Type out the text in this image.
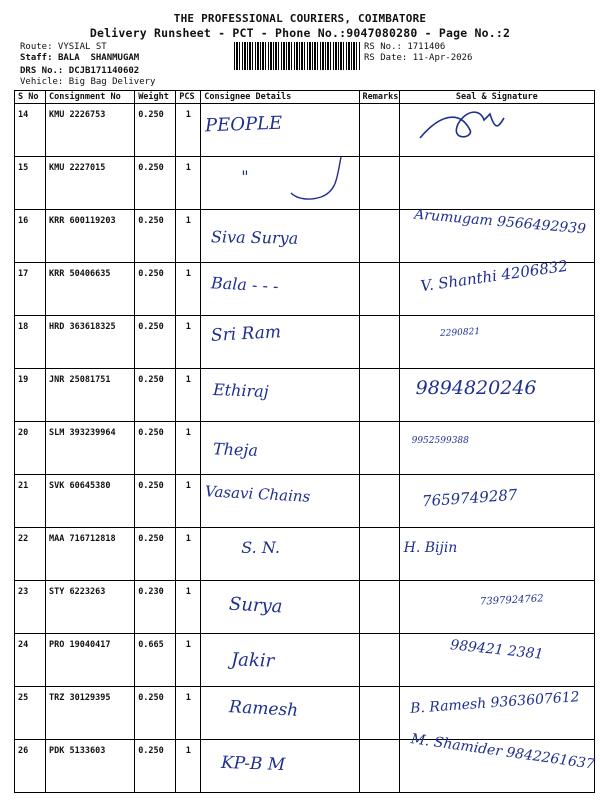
THE PROFESSIONAL COURIERS, COIMBATORE
Delivery Runsheet - PCT - Phone No.:9047080280 - Page No.:2
Route: VYSIAL ST
Staff: BALA  SHANMUGAM
DRS No.: DCJB171140602
Vehicle: Big Bag Delivery
RS No.: 1711406
RS Date: 11-Apr-2026
S No	Consignment No	Weight	PCS	Consignee Details	Remarks	Seal & Signature
14	KMU 2226753	0.250	1	PEOPLE

15	KMU 2227015	0.250	1	"		

16	KRR 600119203	0.250	1	Siva Surya		Arumugam 9566492939

17	KRR 50406635	0.250	1	Bala - - -		V. Shanthi 4206832

18	HRD 363618325	0.250	1	Sri Ram		2290821

19	JNR 25081751	0.250	1	Ethiraj		9894820246

20	SLM 393239964	0.250	1	Theja		9952599388

21	SVK 60645380	0.250	1	Vasavi Chains		7659749287

22	MAA 716712818	0.250	1	S. N.		H. Bijin

23	STY 6223263	0.230	1	Surya		7397924762

24	PRO 19040417	0.665	1	Jakir		989421 2381

25	TRZ 30129395	0.250	1	Ramesh		B. Ramesh 9363607612

26	PDK 5133603	0.250	1	KP-B M		M. Shamider 9842261637
